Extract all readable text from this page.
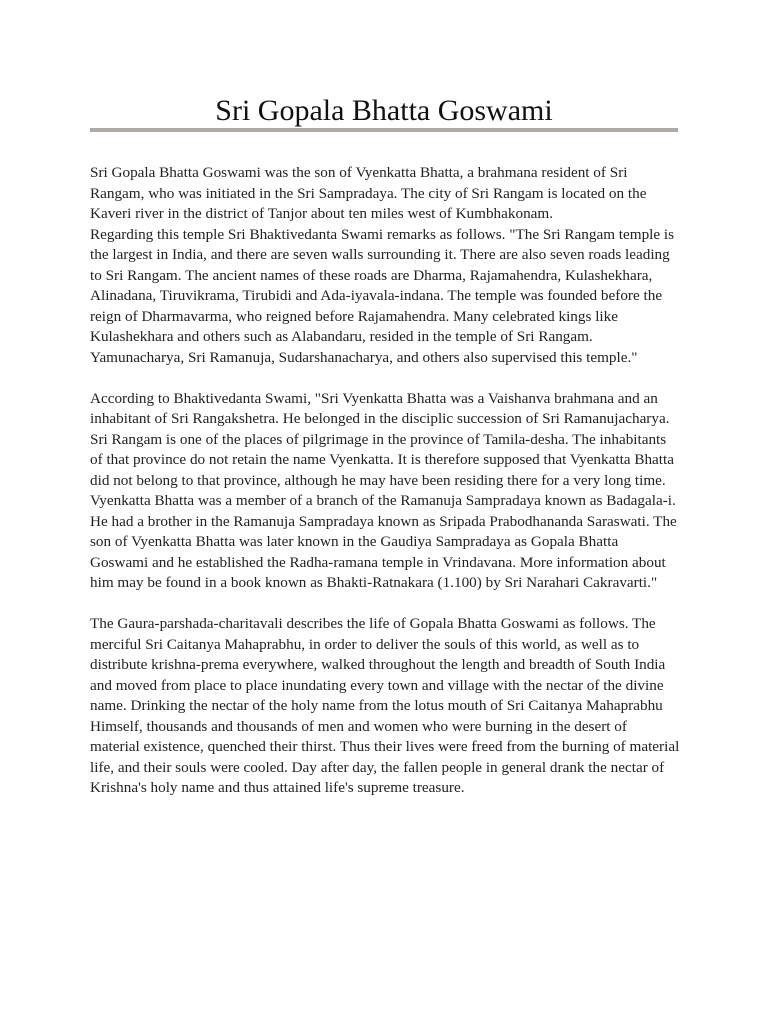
Sri Gopala Bhatta Goswami

Sri Gopala Bhatta Goswami was the son of Vyenkatta Bhatta, a brahmana resident of Sri Rangam, who was initiated in the Sri Sampradaya. The city of Sri Rangam is located on the Kaveri river in the district of Tanjor about ten miles west of Kumbhakonam.

Regarding this temple Sri Bhaktivedanta Swami remarks as follows. "The Sri Rangam temple is the largest in India, and there are seven walls surrounding it. There are also seven roads leading to Sri Rangam. The ancient names of these roads are Dharma, Rajamahendra, Kulashekhara, Alinadana, Tiruvikrama, Tirubidi and Ada-iyavala-indana. The temple was founded before the reign of Dharmavarma, who reigned before Rajamahendra. Many celebrated kings like Kulashekhara and others such as Alabandaru, resided in the temple of Sri Rangam. Yamunacharya, Sri Ramanuja, Sudarshanacharya, and others also supervised this temple."

According to Bhaktivedanta Swami, "Sri Vyenkatta Bhatta was a Vaishanva brahmana and an inhabitant of Sri Rangakshetra. He belonged in the disciplic succession of Sri Ramanujacharya. Sri Rangam is one of the places of pilgrimage in the province of Tamila-desha. The inhabitants of that province do not retain the name Vyenkatta. It is therefore supposed that Vyenkatta Bhatta did not belong to that province, although he may have been residing there for a very long time. Vyenkatta Bhatta was a member of a branch of the Ramanuja Sampradaya known as Badagala-i. He had a brother in the Ramanuja Sampradaya known as Sripada Prabodhananda Saraswati. The son of Vyenkatta Bhatta was later known in the Gaudiya Sampradaya as Gopala Bhatta Goswami and he established the Radha-ramana temple in Vrindavana. More information about him may be found in a book known as Bhakti-Ratnakara (1.100) by Sri Narahari Cakravarti."

The Gaura-parshada-charitavali describes the life of Gopala Bhatta Goswami as follows. The merciful Sri Caitanya Mahaprabhu, in order to deliver the souls of this world, as well as to distribute krishna-prema everywhere, walked throughout the length and breadth of South India and moved from place to place inundating every town and village with the nectar of the divine name. Drinking the nectar of the holy name from the lotus mouth of Sri Caitanya Mahaprabhu Himself, thousands and thousands of men and women who were burning in the desert of material existence, quenched their thirst. Thus their lives were freed from the burning of material life, and their souls were cooled. Day after day, the fallen people in general drank the nectar of Krishna's holy name and thus attained life's supreme treasure.
